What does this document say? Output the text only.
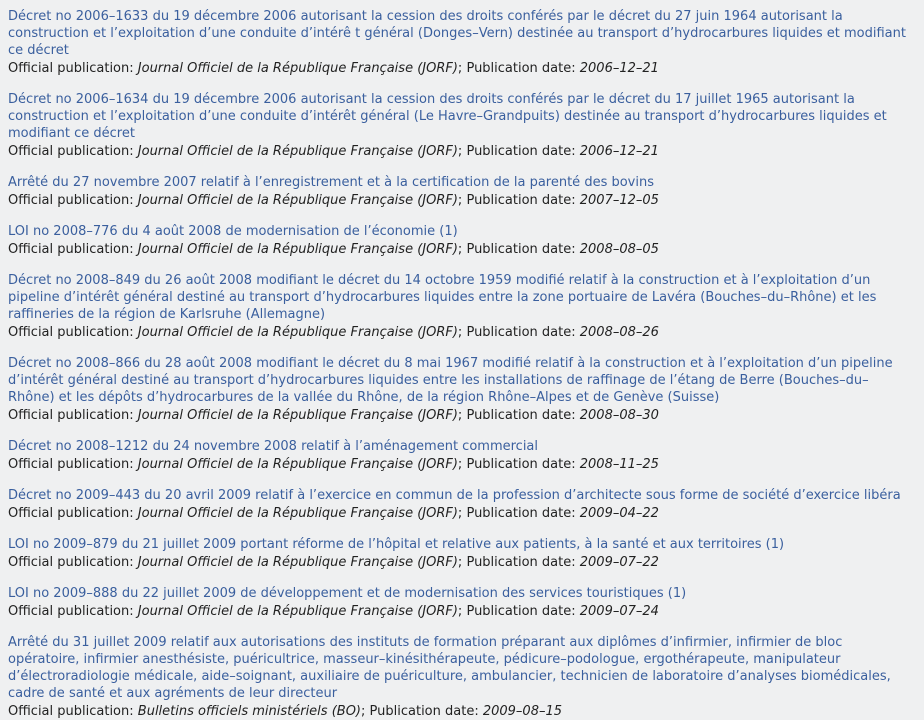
Décret no 2006–1633 du 19 décembre 2006 autorisant la cession des droits conférés par le décret du 27 juin 1964 autorisant la construction et l’exploitation d’une conduite d’intérê t général (Donges–Vern) destinée au transport d’hydrocarbures liquides et modifiant ce décret
Official publication: Journal Officiel de la République Française (JORF); Publication date: 2006–12–21
Décret no 2006–1634 du 19 décembre 2006 autorisant la cession des droits conférés par le décret du 17 juillet 1965 autorisant la construction et l’exploitation d’une conduite d’intérêt général (Le Havre–Grandpuits) destinée au transport d’hydrocarbures liquides et modifiant ce décret
Official publication: Journal Officiel de la République Française (JORF); Publication date: 2006–12–21
Arrêté du 27 novembre 2007 relatif à l’enregistrement et à la certification de la parenté des bovins
Official publication: Journal Officiel de la République Française (JORF); Publication date: 2007–12–05
LOI no 2008–776 du 4 août 2008 de modernisation de l’économie (1)
Official publication: Journal Officiel de la République Française (JORF); Publication date: 2008–08–05
Décret no 2008–849 du 26 août 2008 modifiant le décret du 14 octobre 1959 modifié relatif à la construction et à l’exploitation d’un pipeline d’intérêt général destiné au transport d’hydrocarbures liquides entre la zone portuaire de Lavéra (Bouches–du–Rhône) et les raffineries de la région de Karlsruhe (Allemagne)
Official publication: Journal Officiel de la République Française (JORF); Publication date: 2008–08–26
Décret no 2008–866 du 28 août 2008 modifiant le décret du 8 mai 1967 modifié relatif à la construction et à l’exploitation d’un pipeline d’intérêt général destiné au transport d’hydrocarbures liquides entre les installations de raffinage de l’étang de Berre (Bouches–du– Rhône) et les dépôts d’hydrocarbures de la vallée du Rhône, de la région Rhône–Alpes et de Genève (Suisse)
Official publication: Journal Officiel de la République Française (JORF); Publication date: 2008–08–30
Décret no 2008–1212 du 24 novembre 2008 relatif à l’aménagement commercial
Official publication: Journal Officiel de la République Française (JORF); Publication date: 2008–11–25
Décret no 2009–443 du 20 avril 2009 relatif à l’exercice en commun de la profession d’architecte sous forme de société d’exercice libéra
Official publication: Journal Officiel de la République Française (JORF); Publication date: 2009–04–22
LOI no 2009–879 du 21 juillet 2009 portant réforme de l’hôpital et relative aux patients, à la santé et aux territoires (1)
Official publication: Journal Officiel de la République Française (JORF); Publication date: 2009–07–22
LOI no 2009–888 du 22 juillet 2009 de développement et de modernisation des services touristiques (1)
Official publication: Journal Officiel de la République Française (JORF); Publication date: 2009–07–24
Arrêté du 31 juillet 2009 relatif aux autorisations des instituts de formation préparant aux diplômes d’infirmier, infirmier de bloc opératoire, infirmier anesthésiste, puéricultrice, masseur–kinésithérapeute, pédicure–podologue, ergothérapeute, manipulateur d’électroradiologie médicale, aide–soignant, auxiliaire de puériculture, ambulancier, technicien de laboratoire d’analyses biomédicales, cadre de santé et aux agréments de leur directeur
Official publication: Bulletins officiels ministériels (BO); Publication date: 2009–08–15
